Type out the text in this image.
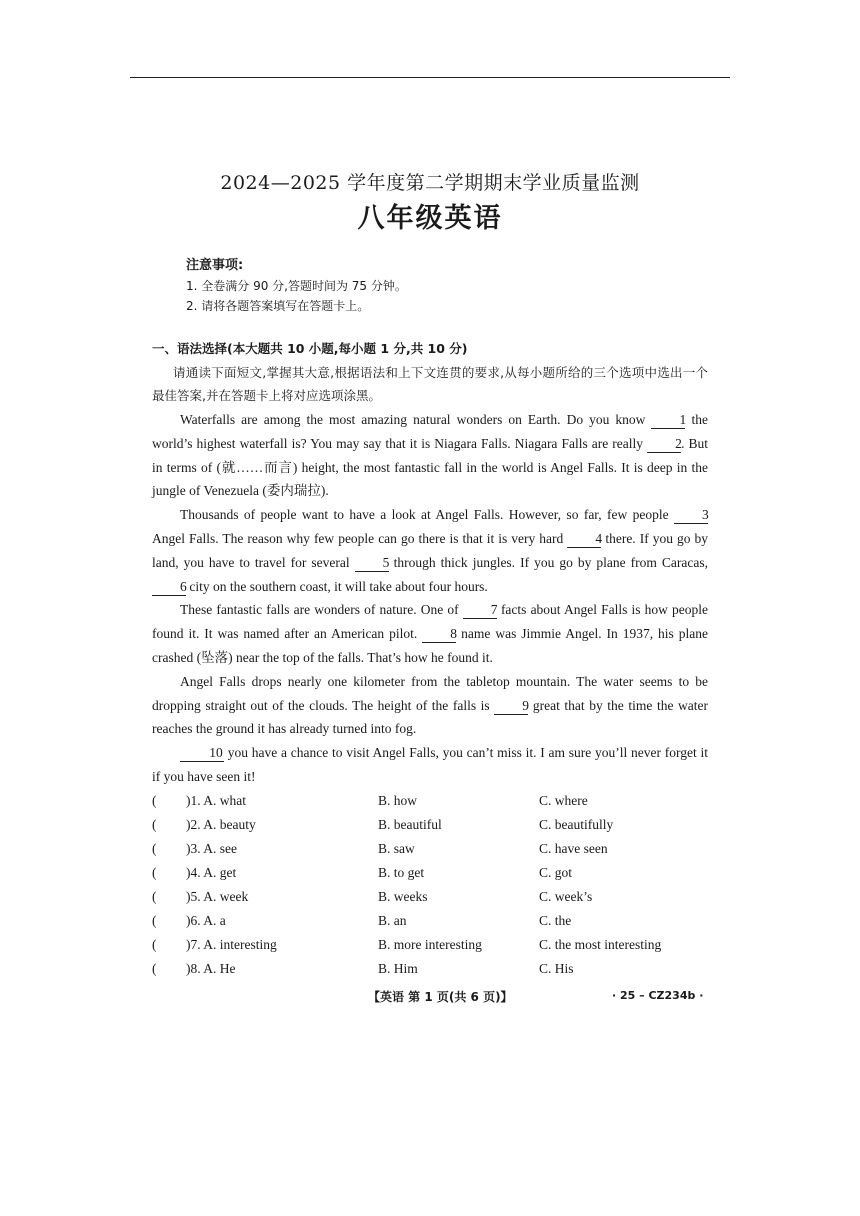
2024—2025 学年度第二学期期末学业质量监测
八年级英语
注意事项:
1. 全卷满分 90 分,答题时间为 75 分钟。
2. 请将各题答案填写在答题卡上。
一、语法选择(本大题共 10 小题,每小题 1 分,共 10 分)
请通读下面短文,掌握其大意,根据语法和上下文连贯的要求,从每小题所给的三个选项中选出一个最佳答案,并在答题卡上将对应选项涂黑。

Waterfalls are among the most amazing natural wonders on Earth. Do you know 1 the world’s highest waterfall is? You may say that it is Niagara Falls. Niagara Falls are really 2. But in terms of (就……而言) height, the most fantastic fall in the world is Angel Falls. It is deep in the jungle of Venezuela (委内瑞拉).

Thousands of people want to have a look at Angel Falls. However, so far, few people 3 Angel Falls. The reason why few people can go there is that it is very hard 4 there. If you go by land, you have to travel for several 5 through thick jungles. If you go by plane from Caracas, 6 city on the southern coast, it will take about four hours.

These fantastic falls are wonders of nature. One of 7 facts about Angel Falls is how people found it. It was named after an American pilot. 8 name was Jimmie Angel. In 1937, his plane crashed (坠落) near the top of the falls. That’s how he found it.

Angel Falls drops nearly one kilometer from the tabletop mountain. The water seems to be dropping straight out of the clouds. The height of the falls is 9 great that by the time the water reaches the ground it has already turned into fog.

10 you have a chance to visit Angel Falls, you can’t miss it. I am sure you’ll never forget it if you have seen it!

( )1. A. what	B. how	C. where
( )2. A. beauty	B. beautiful	C. beautifully
( )3. A. see	B. saw	C. have seen
( )4. A. get	B. to get	C. got
( )5. A. week	B. weeks	C. week’s
( )6. A. a	B. an	C. the
( )7. A. interesting	B. more interesting	C. the most interesting
( )8. A. He	B. Him	C. His
【英语 第 1 页(共 6 页)】	· 25 – CZ234b ·
